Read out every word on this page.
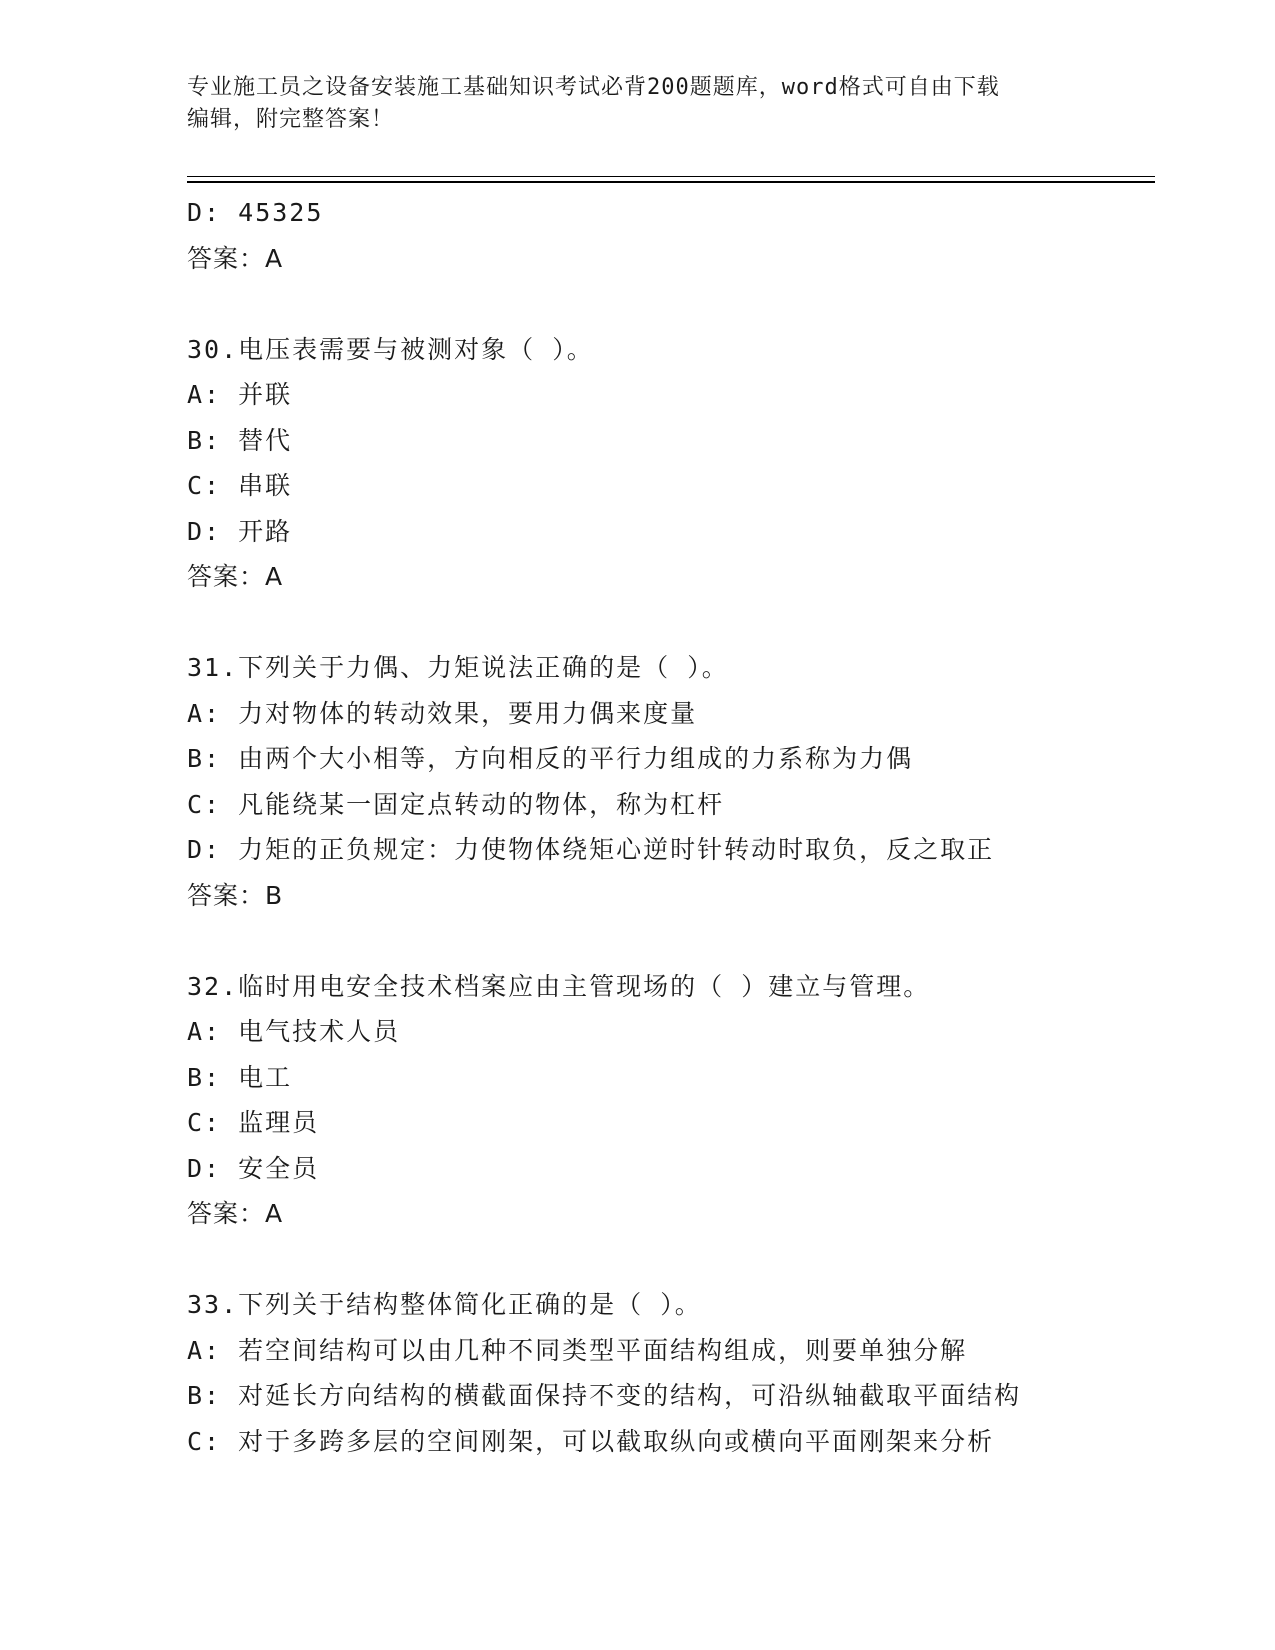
专业施工员之设备安装施工基础知识考试必背200题题库，word格式可自由下载
编辑，附完整答案！
D: 45325
答案：A
30.电压表需要与被测对象（ ）。
A: 并联
B: 替代
C: 串联
D: 开路
答案：A
31.下列关于力偶、力矩说法正确的是（ ）。
A: 力对物体的转动效果，要用力偶来度量
B: 由两个大小相等，方向相反的平行力组成的力系称为力偶
C: 凡能绕某一固定点转动的物体，称为杠杆
D: 力矩的正负规定：力使物体绕矩心逆时针转动时取负，反之取正
答案：B
32.临时用电安全技术档案应由主管现场的（ ）建立与管理。
A: 电气技术人员
B: 电工
C: 监理员
D: 安全员
答案：A
33.下列关于结构整体简化正确的是（ ）。
A: 若空间结构可以由几种不同类型平面结构组成，则要单独分解
B: 对延长方向结构的横截面保持不变的结构，可沿纵轴截取平面结构
C: 对于多跨多层的空间刚架，可以截取纵向或横向平面刚架来分析
